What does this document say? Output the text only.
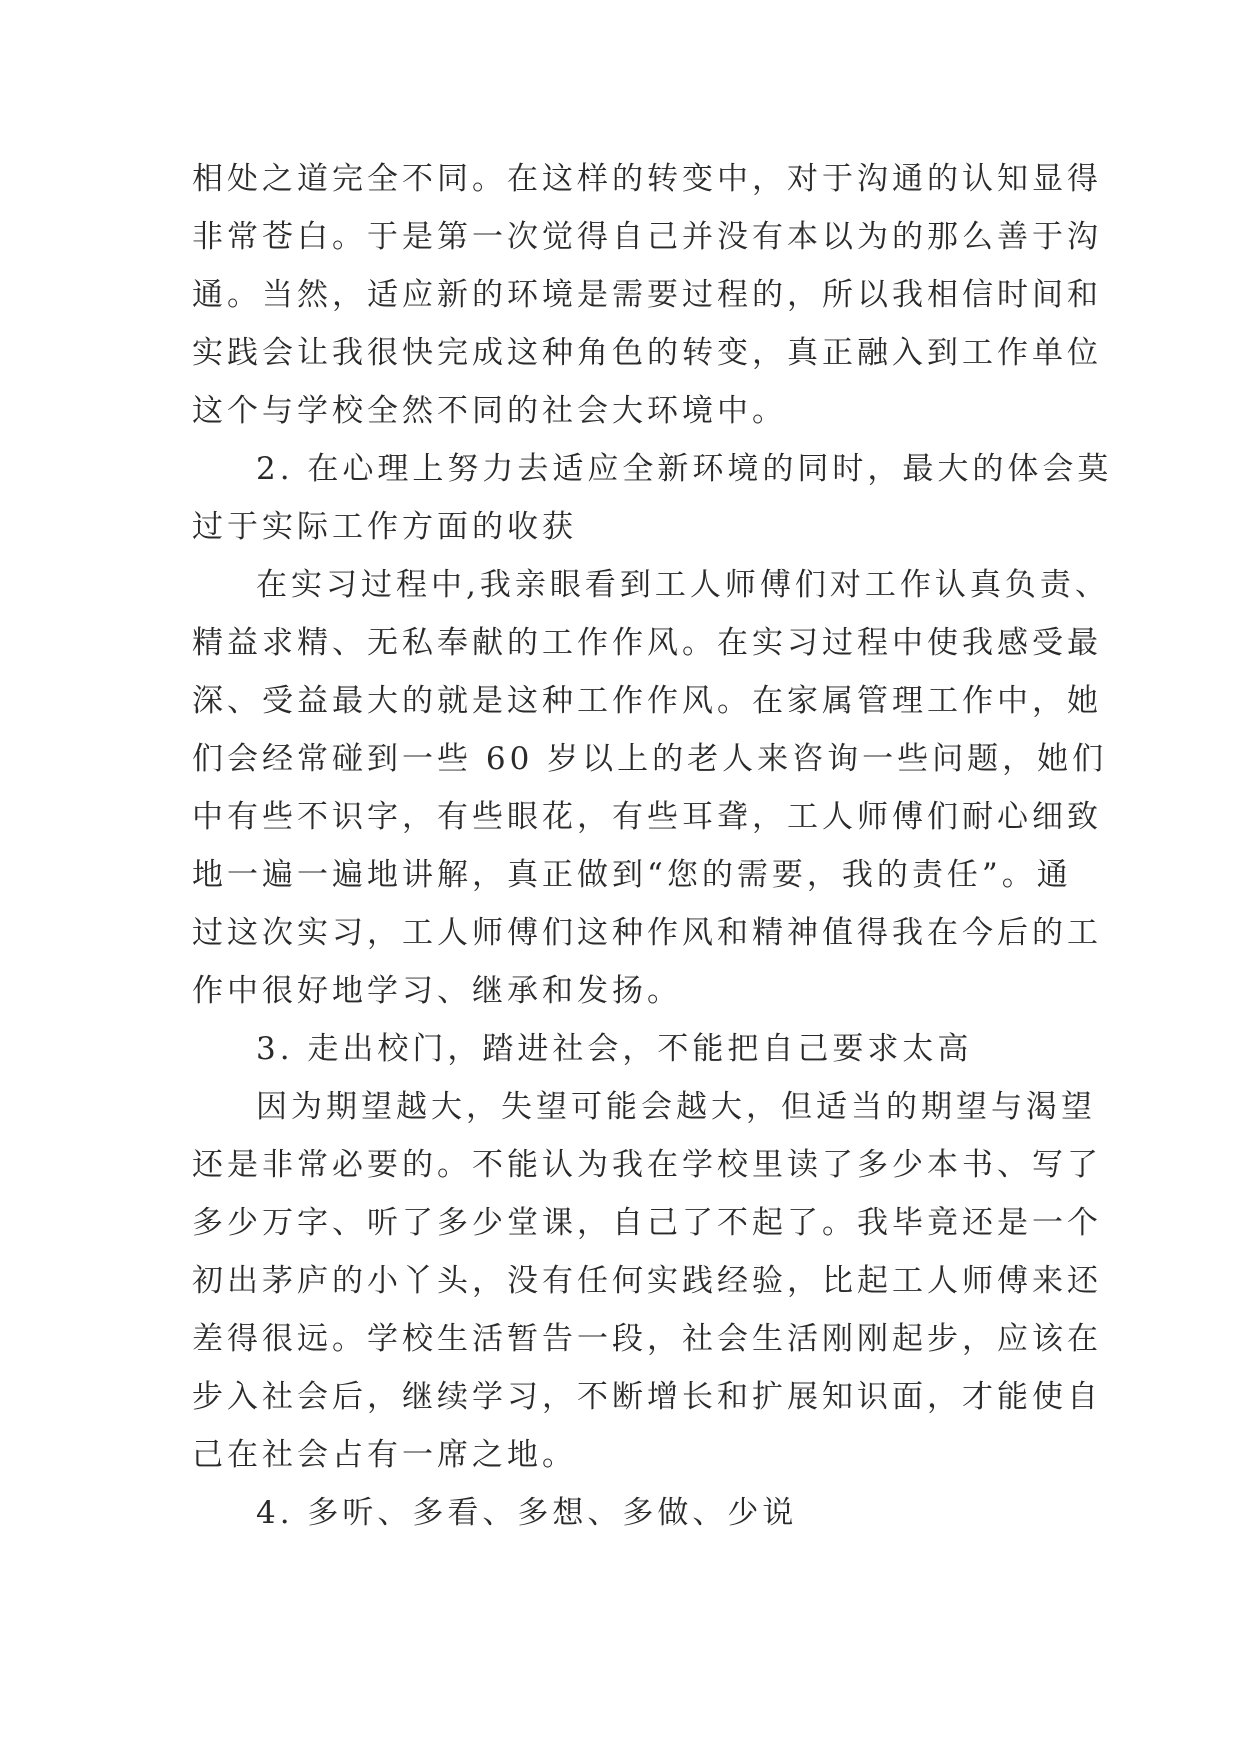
相处之道完全不同。在这样的转变中，对于沟通的认知显得
非常苍白。于是第一次觉得自己并没有本以为的那么善于沟
通。当然，适应新的环境是需要过程的，所以我相信时间和
实践会让我很快完成这种角色的转变，真正融入到工作单位
这个与学校全然不同的社会大环境中。
2. 在心理上努力去适应全新环境的同时，最大的体会莫
过于实际工作方面的收获
在实习过程中,我亲眼看到工人师傅们对工作认真负责、
精益求精、无私奉献的工作作风。在实习过程中使我感受最
深、受益最大的就是这种工作作风。在家属管理工作中，她
们会经常碰到一些 60 岁以上的老人来咨询一些问题，她们
中有些不识字，有些眼花，有些耳聋，工人师傅们耐心细致
地一遍一遍地讲解，真正做到“您的需要，我的责任”。通
过这次实习，工人师傅们这种作风和精神值得我在今后的工
作中很好地学习、继承和发扬。
3. 走出校门，踏进社会，不能把自己要求太高
因为期望越大，失望可能会越大，但适当的期望与渴望
还是非常必要的。不能认为我在学校里读了多少本书、写了
多少万字、听了多少堂课，自己了不起了。我毕竟还是一个
初出茅庐的小丫头，没有任何实践经验，比起工人师傅来还
差得很远。学校生活暂告一段，社会生活刚刚起步，应该在
步入社会后，继续学习，不断增长和扩展知识面，才能使自
己在社会占有一席之地。
4. 多听、多看、多想、多做、少说
